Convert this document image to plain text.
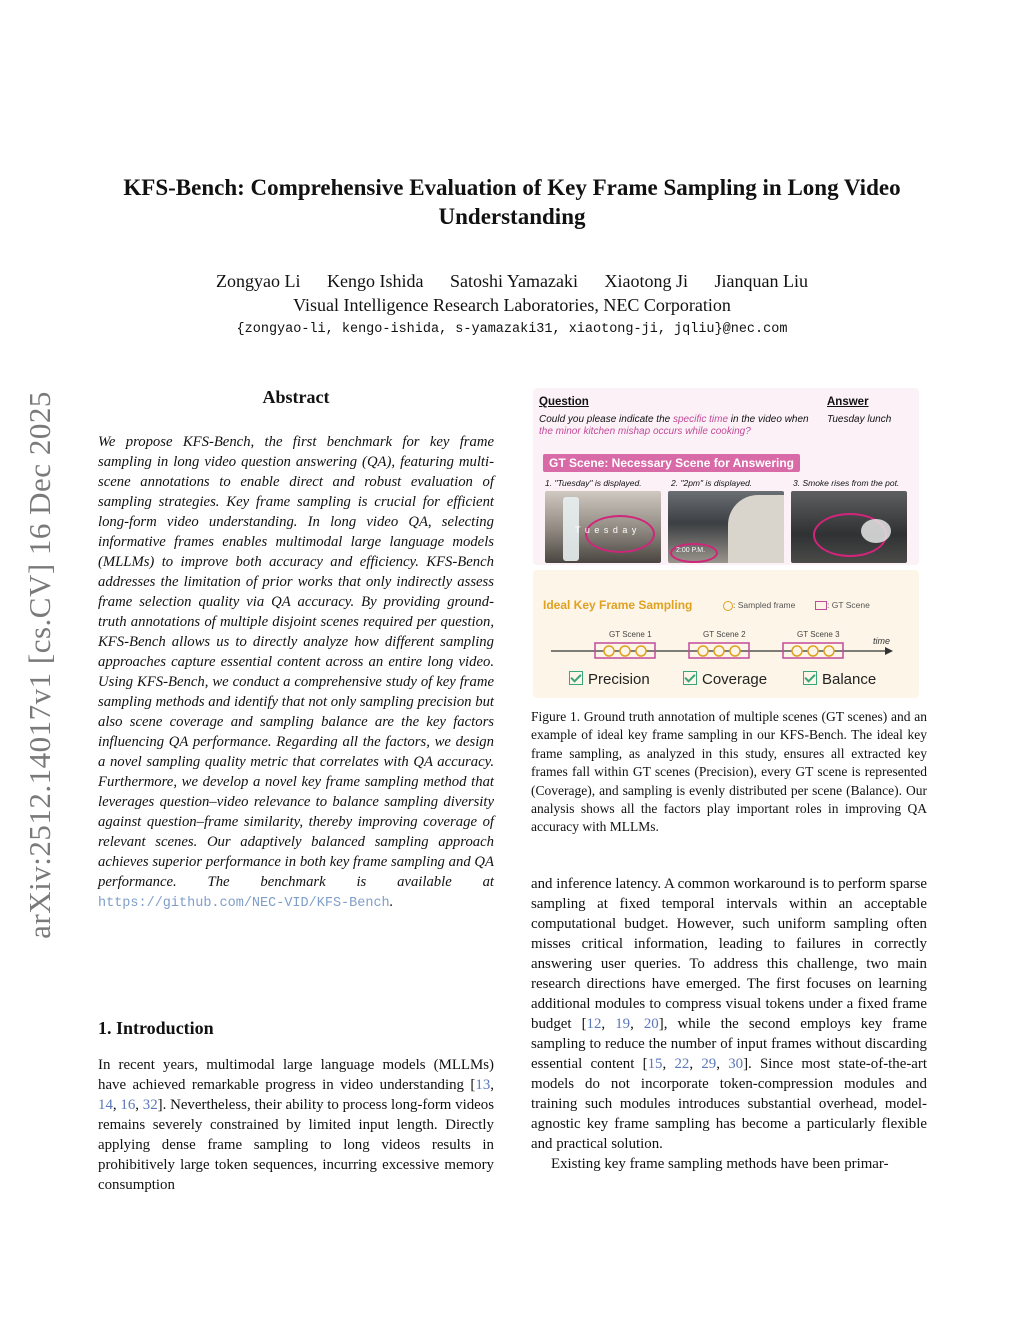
arXiv:2512.14017v1 [cs.CV] 16 Dec 2025
KFS-Bench: Comprehensive Evaluation of Key Frame Sampling in Long Video Understanding
Zongyao Li Kengo Ishida Satoshi Yamazaki Xiaotong Ji Jianquan Liu
Visual Intelligence Research Laboratories, NEC Corporation
{zongyao-li, kengo-ishida, s-yamazaki31, xiaotong-ji, jqliu}@nec.com
Abstract
We propose KFS-Bench, the first benchmark for key frame sampling in long video question answering (QA), featuring multi-scene annotations to enable direct and robust evaluation of sampling strategies. Key frame sampling is crucial for efficient long-form video understanding. In long video QA, selecting informative frames enables multimodal large language models (MLLMs) to improve both accuracy and efficiency. KFS-Bench addresses the limitation of prior works that only indirectly assess frame selection quality via QA accuracy. By providing ground-truth annotations of multiple disjoint scenes required per question, KFS-Bench allows us to directly analyze how different sampling approaches capture essential content across an entire long video. Using KFS-Bench, we conduct a comprehensive study of key frame sampling methods and identify that not only sampling precision but also scene coverage and sampling balance are the key factors influencing QA performance. Regarding all the factors, we design a novel sampling quality metric that correlates with QA accuracy. Furthermore, we develop a novel key frame sampling method that leverages question–video relevance to balance sampling diversity against question–frame similarity, thereby improving coverage of relevant scenes. Our adaptively balanced sampling approach achieves superior performance in both key frame sampling and QA performance. The benchmark is available at https://github.com/NEC-VID/KFS-Bench.
1. Introduction
In recent years, multimodal large language models (MLLMs) have achieved remarkable progress in video understanding [13, 14, 16, 32]. Nevertheless, their ability to process long-form videos remains severely constrained by limited input length. Directly applying dense frame sampling to long videos results in prohibitively large token sequences, incurring excessive memory consumption
Question	Answer
Could you please indicate the specific time in the video when the minor kitchen mishap occurs while cooking?
Tuesday lunch
GT Scene: Necessary Scene for Answering
1. "Tuesday" is displayed.	2. "2pm" is displayed.	3. Smoke rises from the pot.
T u e s d a y
2:00 P.M.
Ideal Key Frame Sampling	: Sampled frame	: GT Scene
GT Scene 1	GT Scene 2	GT Scene 3
time
Precision	Coverage	Balance
Figure 1. Ground truth annotation of multiple scenes (GT scenes) and an example of ideal key frame sampling in our KFS-Bench. The ideal key frame sampling, as analyzed in this study, ensures all extracted key frames fall within GT scenes (Precision), every GT scene is represented (Coverage), and sampling is evenly distributed per scene (Balance). Our analysis shows all the factors play important roles in improving QA accuracy with MLLMs.

and inference latency. A common workaround is to perform sparse sampling at fixed temporal intervals within an acceptable computational budget. However, such uniform sampling often misses critical information, leading to failures in correctly answering user queries. To address this challenge, two main research directions have emerged. The first focuses on learning additional modules to compress visual tokens under a fixed frame budget [12, 19, 20], while the second employs key frame sampling to reduce the number of input frames without discarding essential content [15, 22, 29, 30]. Since most state-of-the-art models do not incorporate token-compression modules and training such modules introduces substantial overhead, model-agnostic key frame sampling has become a particularly flexible and practical solution.

Existing key frame sampling methods have been primar-
